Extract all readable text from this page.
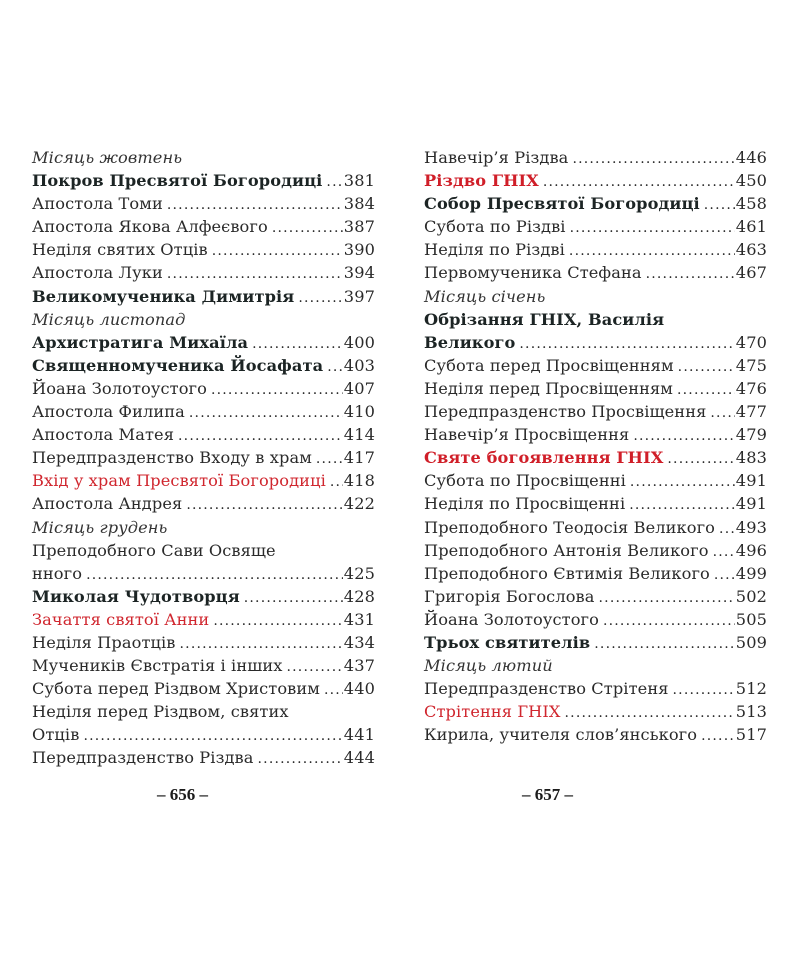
Місяць жовтень
Покров Пресвятої Богородиці ..... 381
Апостола Томи .....	384
Апостола Якова Алфеєвого .....	387
Неділя святих Отців .....	390
Апостола Луки .....	394
Великомученика Димитрія .....	397
Місяць листопад
Архистратига Михаїла .....	400
Священномученика Йосафата ..... 403
Йоана Золотоустого .....	407
Апостола Филипа .....	410
Апостола Матея .....	414
Передпразденство Входу в храм ..... 417
Вхід у храм Пресвятої Богородиці ..... 418
Апостола Андрея .....	422
Місяць грудень
Преподобного Сави Освяще
нного .....	425
Миколая Чудотворця .....	428
Зачаття святої Анни .....	431
Неділя Праотців .....	434
Мучеників Євстратія і інших .....	437
Субота перед Різдвом Христовим ..... 440
Неділя перед Різдвом, святих
Отців .....	441
Передпразденство Різдва .....	444
Навечір’я Різдва .....	446
Різдво ГНІХ .....	450
Собор Пресвятої Богородиці ..... 458
Субота по Різдві .....	461
Неділя по Різдві .....	463
Первомученика Стефана .....	467
Місяць січень
Обрізання ГНІХ, Василія
Великого .....	470
Субота перед Просвіщенням .....	475
Неділя перед Просвіщенням .....	476
Передпразденство Просвіщення ..... 477
Навечір’я Просвіщення .....	479
Святе богоявлення ГНІХ .....	483
Субота по Просвіщенні .....	491
Неділя по Просвіщенні .....	491
Преподобного Теодосія Великого ..... 493
Преподобного Антонія Великого ..... 496
Преподобного Євтимія Великого ..... 499
Григорія Богослова .....	502
Йоана Золотоустого .....	505
Трьох святителів .....	509
Місяць лютий
Передпразденство Стрітеня .....	512
Стрітення ГНІХ .....	513
Кирила, учителя слов’янського ..... 517
– 656 –	– 657 –
